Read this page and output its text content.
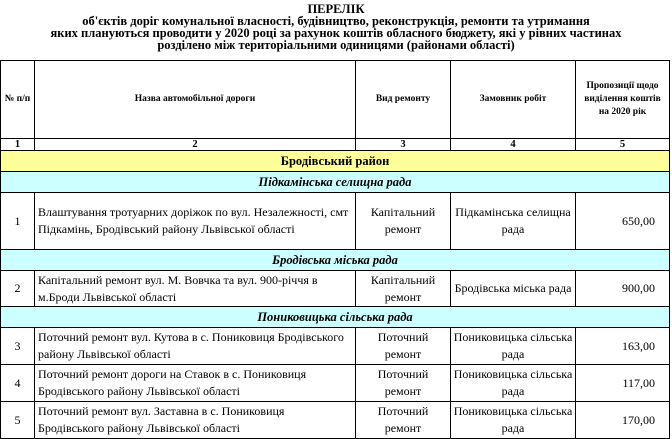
ПЕРЕЛІК
об'єктів доріг комунальної власності, будівництво, реконструкція, ремонти та утримання
яких плануються проводити у 2020 році за рахунок коштів обласного бюджету, які у рівних частинах
розділено між територіальними одиницями (районами області)
№ п/п	Назва автомобільної дороги	Вид ремонту	Замовник робіт	Пропозиції щодо виділення коштів на 2020 рік
1	2	3	4	5
Бродівський район				
Підкамінська селищна рада				
1	Влаштування тротуарних доріжок по вул. Незалежності, смт Підкамінь, Бродівський району Львівської області	Капітальний ремонт	Підкамінська селищна рада	650,00
Бродівська міська рада				
2	Капітальний ремонт вул. М. Вовчка та вул. 900-річчя в м.Броди Львівської області	Капітальний ремонт	Бродівська міська рада	900,00
Пониковицька сільська рада				
3	Поточний ремонт вул. Кутова в с. Пониковиця Бродівського району Львівської області	Поточний ремонт	Пониковицька сільська рада	163,00
4	Поточний ремонт дороги на Ставок в с. Пониковиця Бродівського району Львівської області	Поточний ремонт	Пониковицька сільська рада	117,00
5	Поточний ремонт вул. Заставна в с. Пониковиця Бродівського району Львівської області	Поточний ремонт	Пониковицька сільська рада	170,00
